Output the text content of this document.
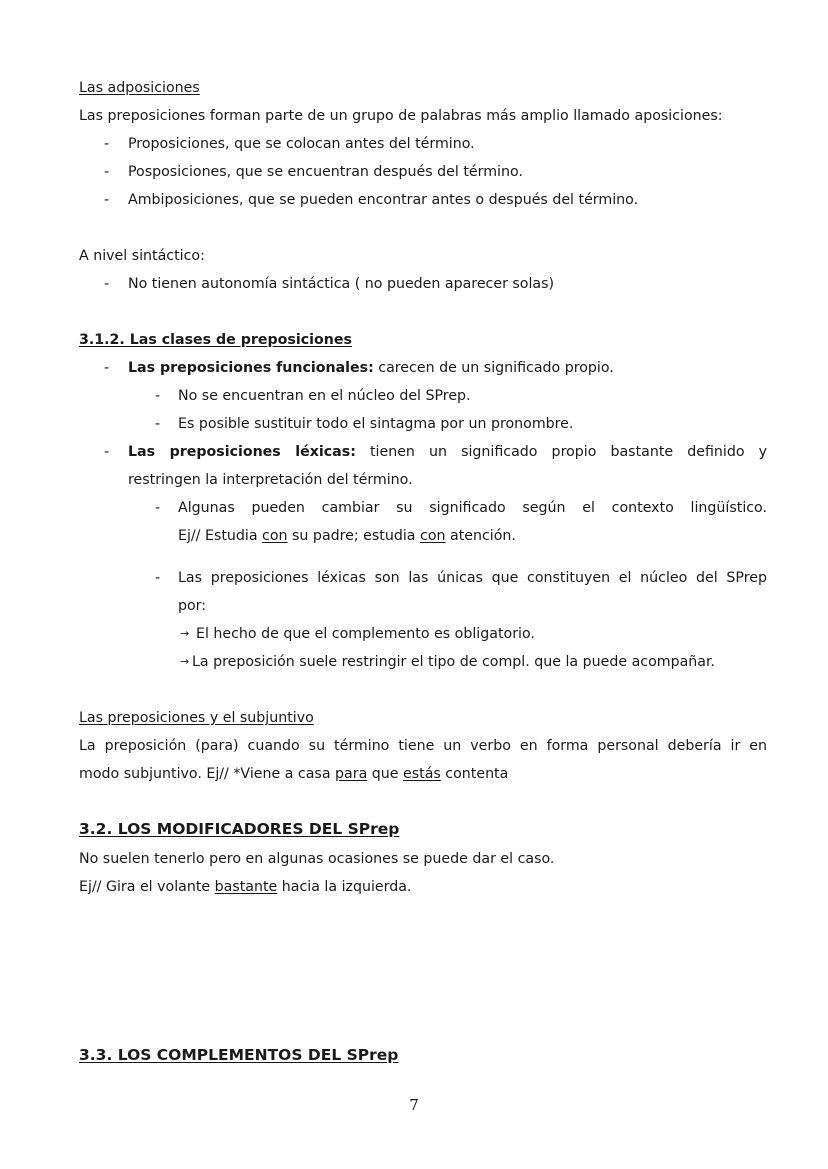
Las adposiciones
Las preposiciones forman parte de un grupo de palabras más amplio llamado aposiciones:
- Proposiciones, que se colocan antes del término.
- Posposiciones, que se encuentran después del término.
- Ambiposiciones, que se pueden encontrar antes o después del término.
A nivel sintáctico:
- No tienen autonomía sintáctica ( no pueden aparecer solas)
3.1.2. Las clases de preposiciones
- Las preposiciones funcionales: carecen de un significado propio.
- No se encuentran en el núcleo del SPrep.
- Es posible sustituir todo el sintagma por un pronombre.
- Las preposiciones léxicas: tienen un significado propio bastante definido y
restringen la interpretación del término.
- Algunas pueden cambiar su significado según el contexto lingüístico.
Ej// Estudia con su padre; estudia con atención.
- Las preposiciones léxicas son las únicas que constituyen el núcleo del SPrep
por:
→ El hecho de que el complemento es obligatorio.
→ La preposición suele restringir el tipo de compl. que la puede acompañar.
Las preposiciones y el subjuntivo
La preposición (para) cuando su término tiene un verbo en forma personal debería ir en
modo subjuntivo. Ej// *Viene a casa para que estás contenta
3.2. LOS MODIFICADORES DEL SPrep
No suelen tenerlo pero en algunas ocasiones se puede dar el caso.
Ej// Gira el volante bastante hacia la izquierda.
3.3. LOS COMPLEMENTOS DEL SPrep
7
